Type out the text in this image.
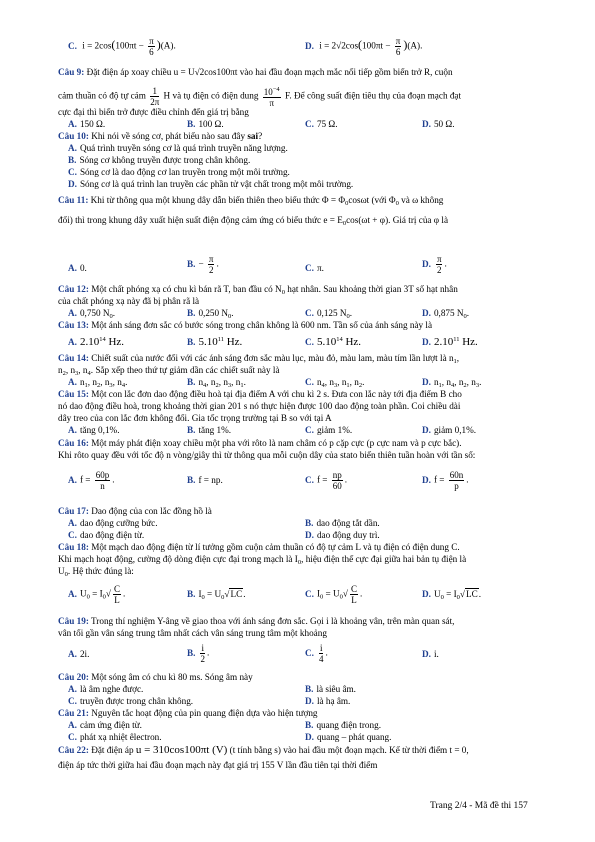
C. $i = 2\cos(100\pi t - \frac{\pi}{6} )(A)$.	D. $i = 2√2\cos(100\pi t - \frac{\pi}{6} )(A)$.
Câu 9: Đặt điện áp xoay chiều u = U√2cos100πt vào hai đầu đoạn mạch mắc nối tiếp gồm biến trở R, cuộn
cảm thuần có độ tự cảm $\frac{1}{2\pi}$ H và tụ điện có điện dung $\frac{10^{-4}}{\pi} F$. Để công suất điện tiêu thụ của đoạn mạch đạt
cực đại thì biến trở được điều chỉnh đến giá trị bằng
A. 150 Ω.	B. 100 Ω.	C. 75 Ω.	D. 50 Ω.
Câu 10: Khi nói về sóng cơ, phát biểu nào sau đây sai?
A. Quá trình truyền sóng cơ là quá trình truyền năng lượng.
B. Sóng cơ không truyền được trong chân không.
C. Sóng cơ là dao động cơ lan truyền trong một môi trường.
D. Sóng cơ là quá trình lan truyền các phần tử vật chất trong một môi trường.
Câu 11: Khi từ thông qua một khung dây dẫn biến thiên theo biểu thức $\Phi = \Phi_0\cos\omega t$ (với $\Phi_0$ và ω không
đổi) thì trong khung dây xuất hiện suất điện động cảm ứng có biểu thức $e = E_0\cos(\omega t + \varphi)$. Giá trị của φ là
A. 0.	B. − $\frac{\pi}{2}$ .	C. π.	D. $\frac{\pi}{2}$ .
Câu 12: Một chất phóng xạ có chu kì bán rã T, ban đầu có $N_0$ hạt nhân. Sau khoảng thời gian 3T số hạt nhân
của chất phóng xạ này đã bị phân rã là
A. 0,750 $N_0$.	B. 0,250 $N_0$.	C. 0,125 $N_0$.	D. 0,875 $N_0$.
Câu 13: Một ánh sáng đơn sắc có bước sóng trong chân không là 600 nm. Tần số của ánh sáng này là
A. 2.10$^{14}$ Hz.	B. 5.10$^{11}$ Hz.	C. 5.10$^{14}$ Hz.	D. 2.10$^{11}$ Hz.
Câu 14: Chiết suất của nước đối với các ánh sáng đơn sắc màu lục, màu đỏ, màu lam, màu tím lần lượt là $n_1$,
$n_2$, $n_3$, $n_4$. Sắp xếp theo thứ tự giảm dần các chiết suất này là
A. $n_1$, $n_2$, $n_3$, $n_4$.	B. $n_4$, $n_2$, $n_3$, $n_1$.	C. $n_4$, $n_3$, $n_1$, $n_2$.	D. $n_1$, $n_4$, $n_2$, $n_3$.
Câu 15: Một con lắc đơn dao động điều hoà tại địa điểm A với chu kì 2 s. Đưa con lắc này tới địa điểm B cho
nó dao động điều hoà, trong khoảng thời gian 201 s nó thực hiện được 100 dao động toàn phần. Coi chiều dài
dây treo của con lắc đơn không đổi. Gia tốc trọng trường tại B so với tại A
A. tăng 0,1%.	B. tăng 1%.	C. giảm 1%.	D. giảm 0,1%.
Câu 16: Một máy phát điện xoay chiều một pha với rôto là nam châm có p cặp cực (p cực nam và p cực bắc).
Khi rôto quay đều với tốc độ n vòng/giây thì từ thông qua mỗi cuộn dây của stato biến thiên tuần hoàn với tần số:
A. $f = \frac{60p}{n}$ .	B. f = np.	C. $f = \frac{np}{60}$ .	D. $f = \frac{60n}{p}$ .
Câu 17: Dao động của con lắc đồng hồ là
A. dao động cưỡng bức.	B. dao động tắt dần.
C. dao động điện từ.	D. dao động duy trì.
Câu 18: Một mạch dao động điện từ lí tưởng gồm cuộn cảm thuần có độ tự cảm L và tụ điện có điện dung C.
Khi mạch hoạt động, cường độ dòng điện cực đại trong mạch là $I_0$, hiệu điện thế cực đại giữa hai bản tụ điện là
$U_0$. Hệ thức đúng là:
A. $U_0 = I_0√ \frac{C}{L}$ .	B. $I_0 = U_0√LC$.	C. $I_0 = U_0√ \frac{C}{L}$ .	D. $U_0 = I_0√LC$.
Câu 19: Trong thí nghiệm Y-âng về giao thoa với ánh sáng đơn sắc. Gọi i là khoảng vân, trên màn quan sát,
vân tối gần vân sáng trung tâm nhất cách vân sáng trung tâm một khoảng
A. 2i.	B. $\frac{i}{2}$ .	C. $\frac{i}{4}$ .	D. i.
Câu 20: Một sóng âm có chu kì 80 ms. Sóng âm này
A. là âm nghe được.	B. là siêu âm.
C. truyền được trong chân không.	D. là hạ âm.
Câu 21: Nguyên tắc hoạt động của pin quang điện dựa vào hiện tượng
A. cảm ứng điện từ.	B. quang điện trong.
C. phát xạ nhiệt êlectron.	D. quang – phát quang.
Câu 22: Đặt điện áp u = 310cos100πt (V) (t tính bằng s) vào hai đầu một đoạn mạch. Kể từ thời điểm t = 0,
điện áp tức thời giữa hai đầu đoạn mạch này đạt giá trị 155 V lần đầu tiên tại thời điểm
Trang 2/4 - Mã đề thi 157
